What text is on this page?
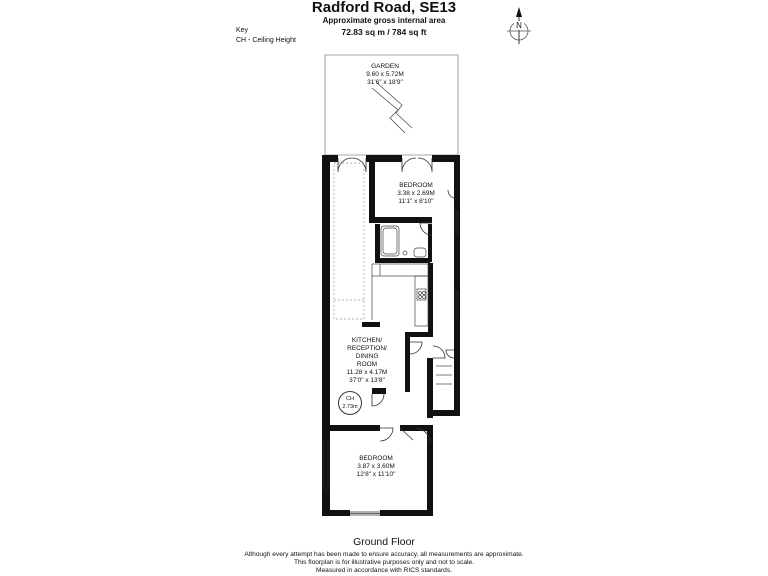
Radford Road, SE13
Approximate gross internal area
72.83 sq m / 784 sq ft
Key
CH - Ceiling Height
N
GARDEN
9.60 x 5.72M
31'6" x 18'9"
BEDROOM
3.38 x 2.69M
11'1" x 8'10"
KITCHEN/
RECEPTION/
DINING
ROOM
11.28 x 4.17M
37'0" x 13'8"
CH
2.73m
BEDROOM
3.87 x 3.60M
12'8" x 11'10"
Ground Floor
Although every attempt has been made to ensure accuracy, all measurements are approximate.
This floorplan is for illustrative purposes only and not to scale.
Measured in accordance with RICS standards.
